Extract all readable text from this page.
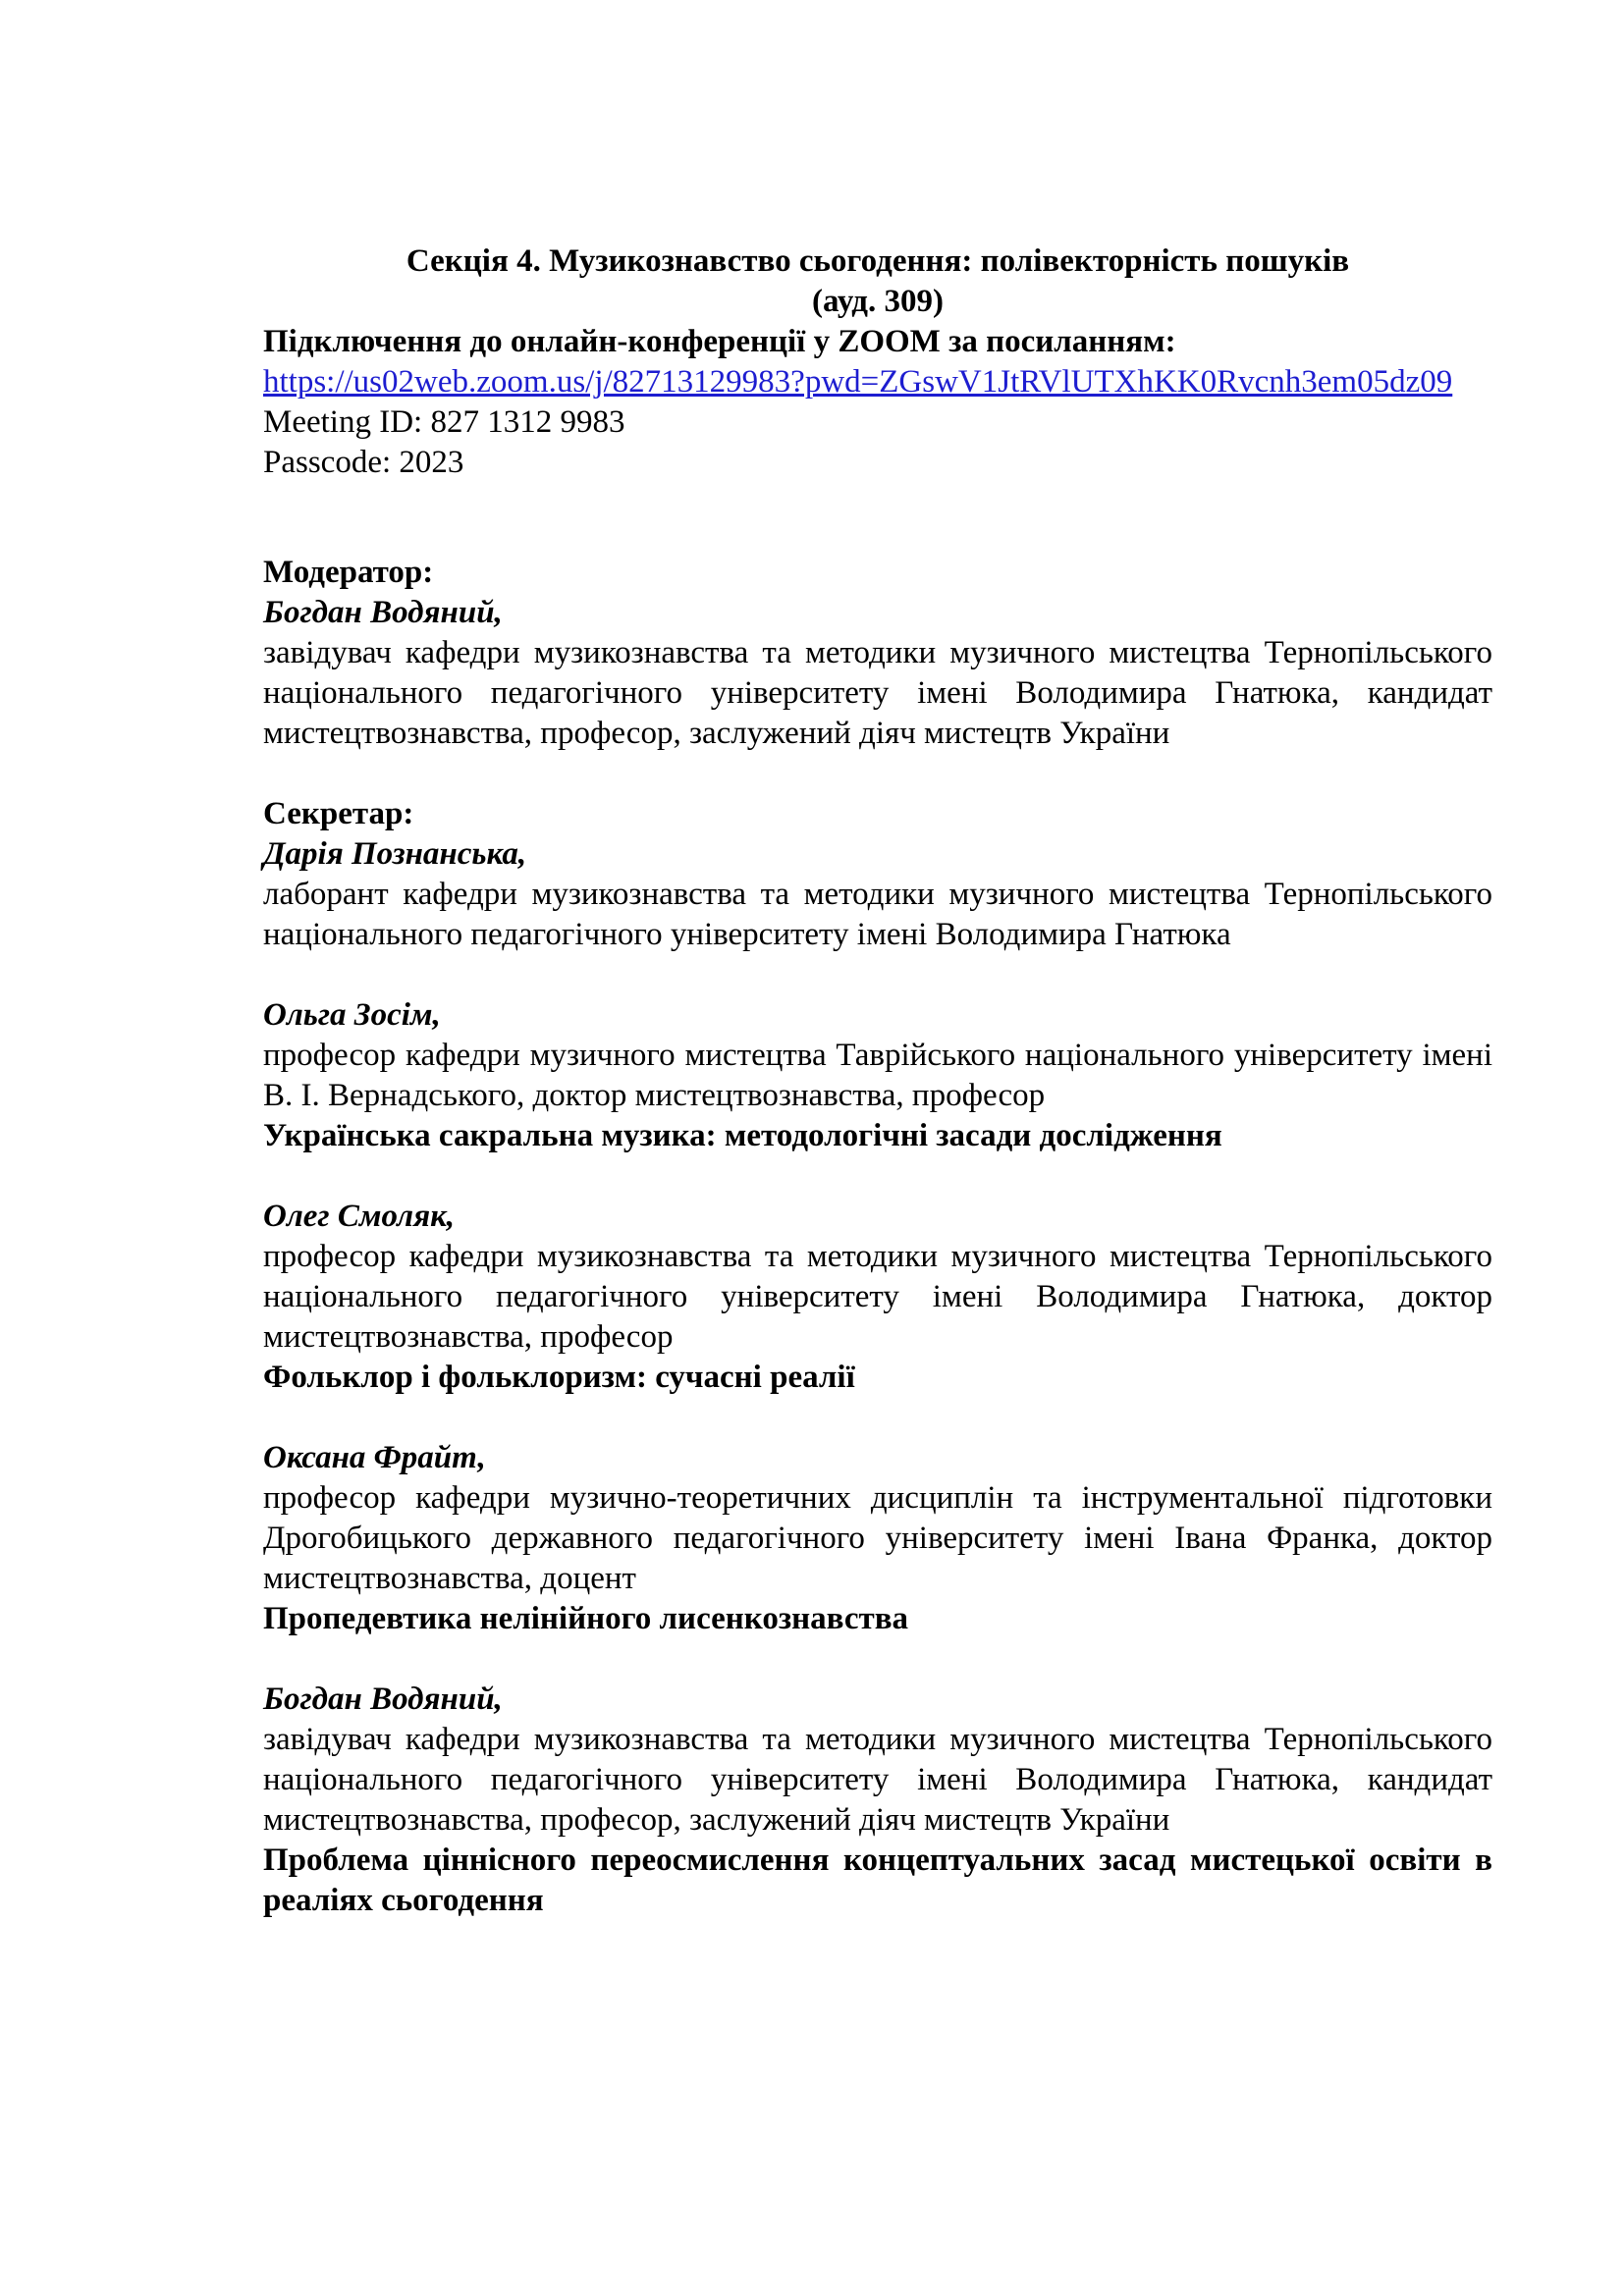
Секція 4. Музикознавство сьогодення: полівекторність пошуків
(ауд. 309)
Підключення до онлайн-конференції у ZOOM за посиланням:
https://us02web.zoom.us/j/82713129983?pwd=ZGswV1JtRVlUTXhKK0Rvcnh3em05dz09
Meeting ID: 827 1312 9983
Passcode: 2023
Модератор:
Богдан Водяний,
завідувач кафедри музикознавства та методики музичного мистецтва Тернопільського національного педагогічного університету імені Володимира Гнатюка, кандидат мистецтвознавства, професор, заслужений діяч мистецтв України
Секретар:
Дарія Познанська,
лаборант кафедри музикознавства та методики музичного мистецтва Тернопільського національного педагогічного університету імені Володимира Гнатюка
Ольга Зосім,
професор кафедри музичного мистецтва Таврійського національного університету імені В. І. Вернадського, доктор мистецтвознавства, професор
Українська сакральна музика: методологічні засади дослідження
Олег Смоляк,
професор кафедри музикознавства та методики музичного мистецтва Тернопільського національного педагогічного університету імені Володимира Гнатюка, доктор мистецтвознавства, професор
Фольклор і фольклоризм: сучасні реалії
Оксана Фрайт,
професор кафедри музично-теоретичних дисциплін та інструментальної підготовки Дрогобицького державного педагогічного університету імені Івана Франка, доктор мистецтвознавства, доцент
Пропедевтика нелінійного лисенкознавства
Богдан Водяний,
завідувач кафедри музикознавства та методики музичного мистецтва Тернопільського національного педагогічного університету імені Володимира Гнатюка, кандидат мистецтвознавства, професор, заслужений діяч мистецтв України
Проблема ціннісного переосмислення концептуальних засад мистецької освіти в реаліях сьогодення
